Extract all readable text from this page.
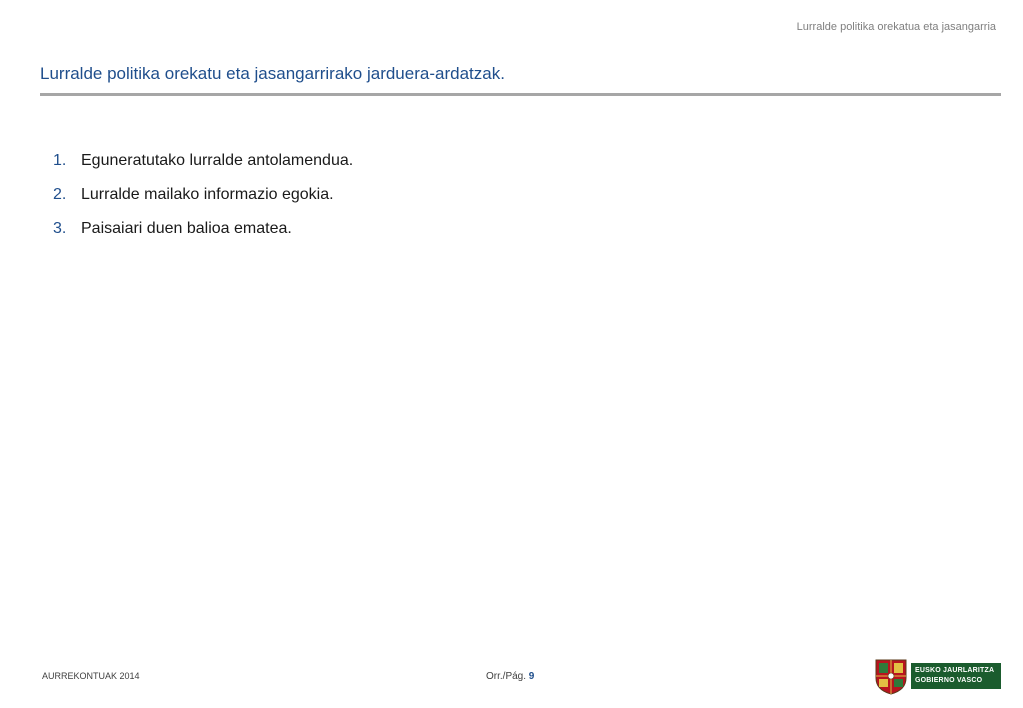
Lurralde politika orekatua eta jasangarria
Lurralde politika orekatu eta jasangarrirako jarduera-ardatzak.
1. Eguneratutako lurralde antolamendua.
2. Lurralde mailako informazio egokia.
3. Paisaiari duen balioa ematea.
AURREKONTUAK 2014	Orr./Pág. 9
EUSKO JAURLARITZA
GOBIERNO VASCO
